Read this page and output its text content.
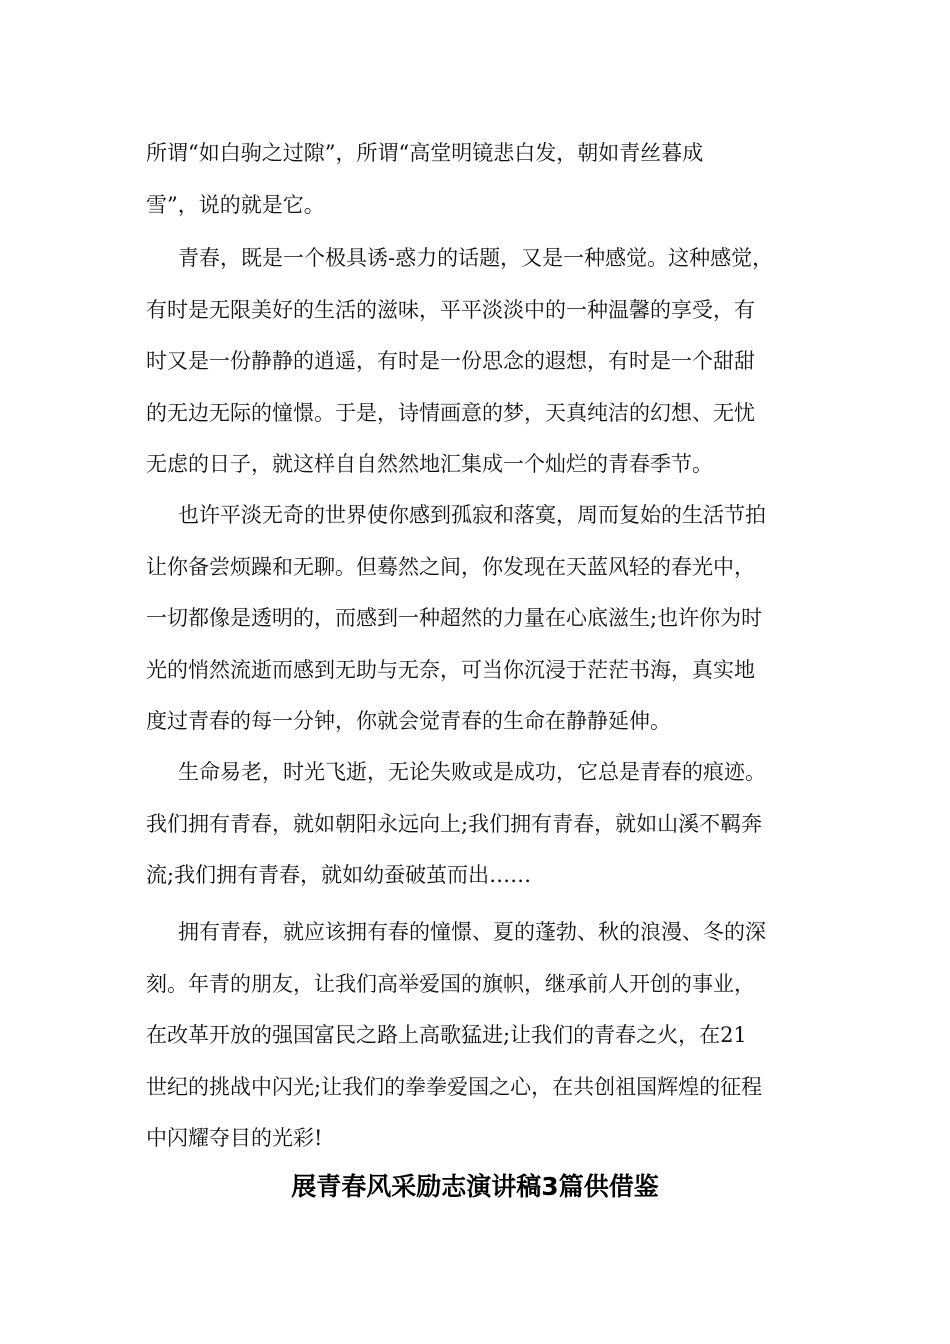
所谓“如白驹之过隙”，所谓“高堂明镜悲白发，朝如青丝暮成
雪”，说的就是它。
青春，既是一个极具诱-惑力的话题，又是一种感觉。这种感觉，
有时是无限美好的生活的滋味，平平淡淡中的一种温馨的享受，有
时又是一份静静的逍遥，有时是一份思念的遐想，有时是一个甜甜
的无边无际的憧憬。于是，诗情画意的梦，天真纯洁的幻想、无忧
无虑的日子，就这样自自然然地汇集成一个灿烂的青春季节。
也许平淡无奇的世界使你感到孤寂和落寞，周而复始的生活节拍
让你备尝烦躁和无聊。但蓦然之间，你发现在天蓝风轻的春光中，
一切都像是透明的，而感到一种超然的力量在心底滋生;也许你为时
光的悄然流逝而感到无助与无奈，可当你沉浸于茫茫书海，真实地
度过青春的每一分钟，你就会觉青春的生命在静静延伸。
生命易老，时光飞逝，无论失败或是成功，它总是青春的痕迹。
我们拥有青春，就如朝阳永远向上;我们拥有青春，就如山溪不羁奔
流;我们拥有青春，就如幼蚕破茧而出……
拥有青春，就应该拥有春的憧憬、夏的蓬勃、秋的浪漫、冬的深
刻。年青的朋友，让我们高举爱国的旗帜，继承前人开创的事业，
在改革开放的强国富民之路上高歌猛进;让我们的青春之火，在21
世纪的挑战中闪光;让我们的拳拳爱国之心，在共创祖国辉煌的征程
中闪耀夺目的光彩!
展青春风采励志演讲稿3篇供借鉴
